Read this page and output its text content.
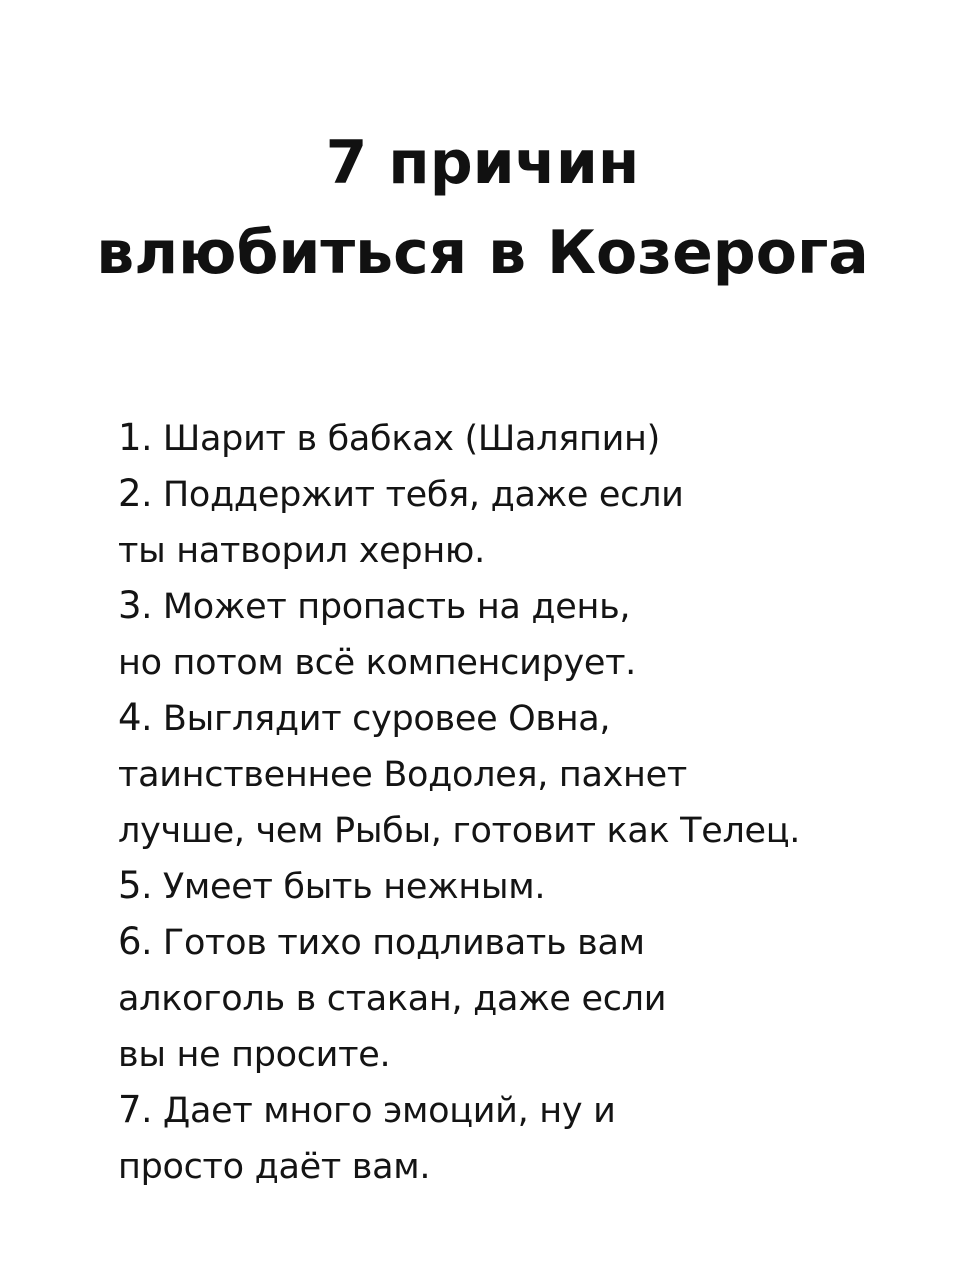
7 причин
влюбиться в Козерога
1. Шарит в бабках (Шаляпин)
2. Поддержит тебя, даже если
ты натворил херню.
3. Может пропасть на день,
но потом всё компенсирует.
4. Выглядит суровее Овна,
таинственнее Водолея, пахнет
лучше, чем Рыбы, готовит как Телец.
5. Умеет быть нежным.
6. Готов тихо подливать вам
алкоголь в стакан, даже если
вы не просите.
7. Дает много эмоций, ну и
просто даёт вам.
